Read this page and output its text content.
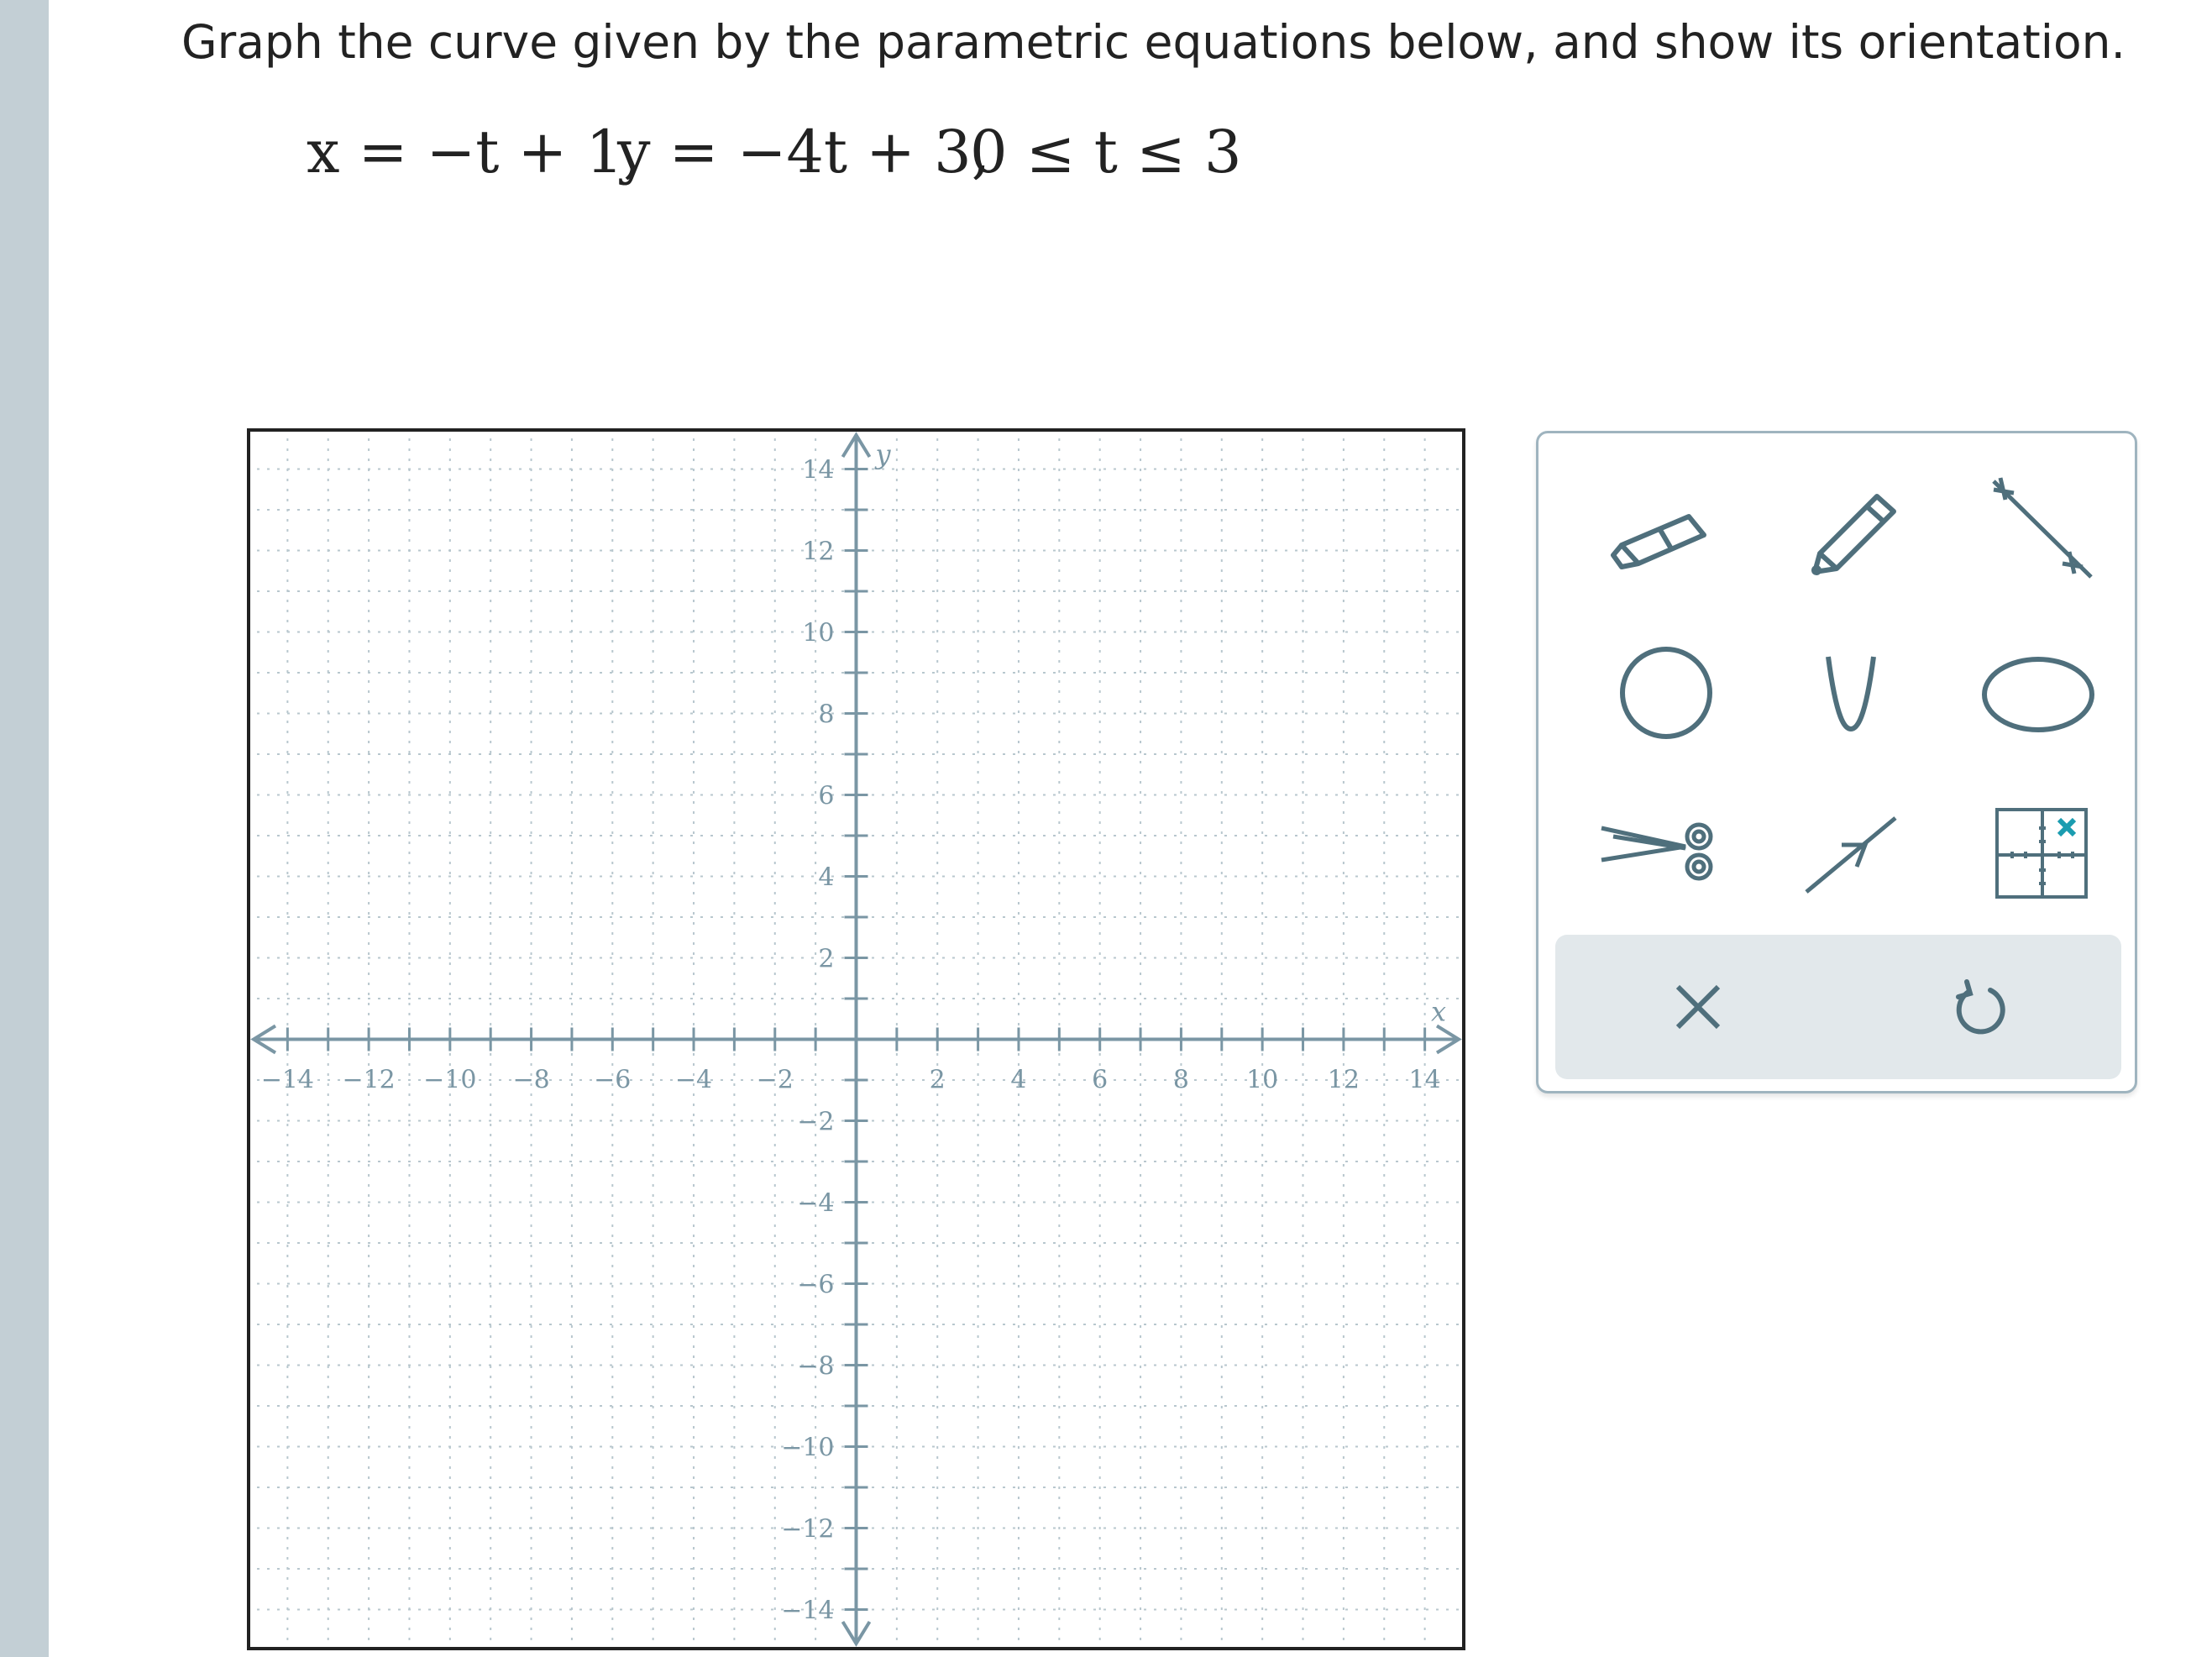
Graph the curve given by the parametric equations below, and show its orientation.
x = −t + 1,
y = −4t + 3,
0 ≤ t ≤ 3
−14
−14
−12
−12
−10
−10
−8
−8
−6
−6
−4
−4
−2
−2
2
2
4
4
6
6
8
8
10
10
12
12
14
14
x
y
